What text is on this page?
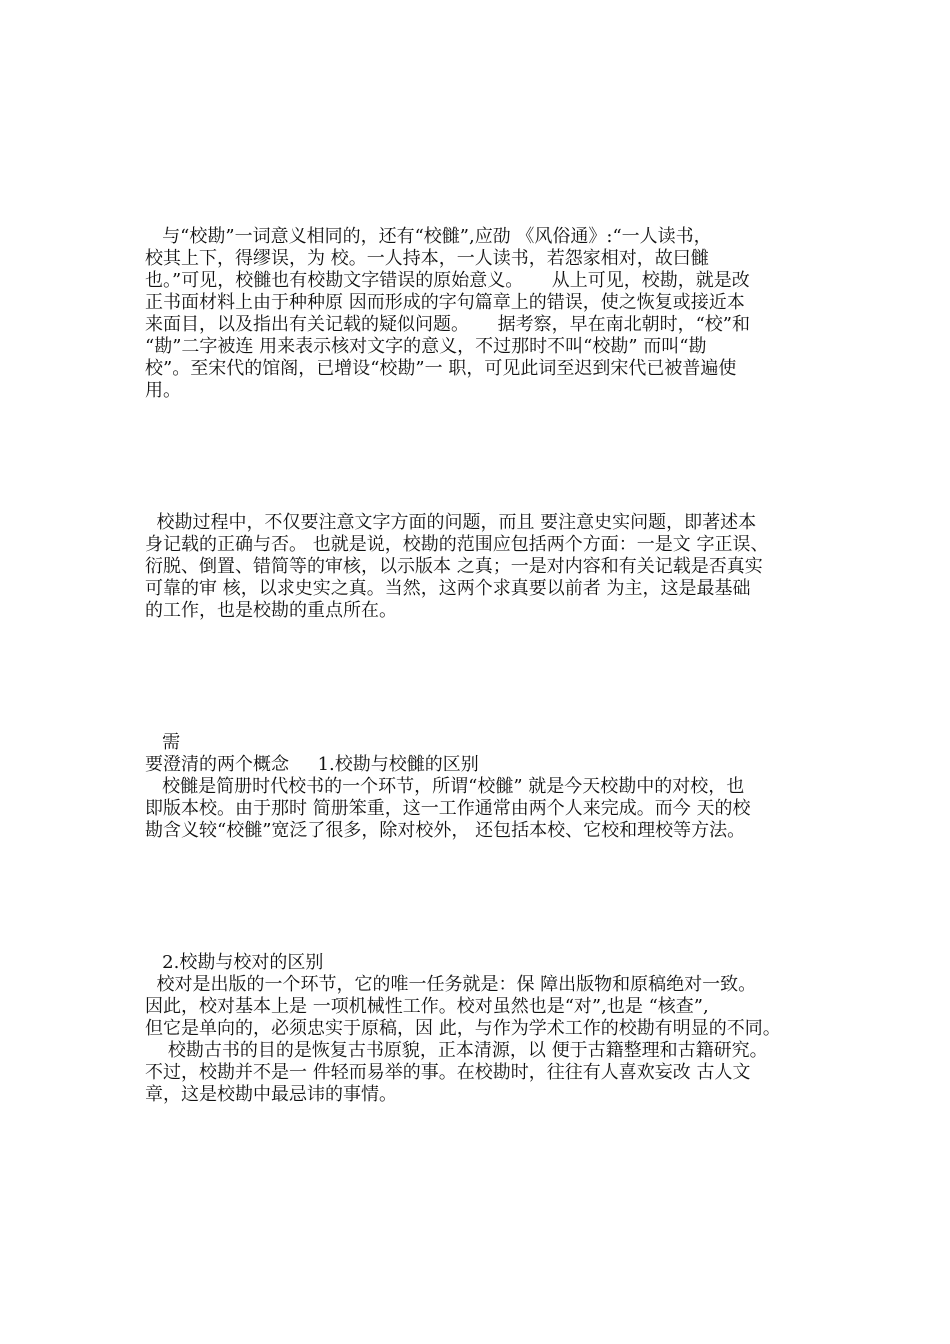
与“校勘”一词意义相同的，还有“校雠”,应劭 《风俗通》:“一人读书，
校其上下，得缪误，为 校。一人持本，一人读书，若怨家相对，故曰雠
也。”可见，校雠也有校勘文字错误的原始意义。     从上可见，校勘，就是改
正书面材料上由于种种原 因而形成的字句篇章上的错误，使之恢复或接近本
来面目，以及指出有关记载的疑似问题。     据考察，早在南北朝时，“校”和
“勘”二字被连 用来表示核对文字的意义，不过那时不叫“校勘” 而叫“勘
校”。至宋代的馆阁，已增设“校勘”一 职，可见此词至迟到宋代已被普遍使
用。
校勘过程中，不仅要注意文字方面的问题，而且 要注意史实问题，即著述本
身记载的正确与否。 也就是说，校勘的范围应包括两个方面：一是文 字正误、
衍脱、倒置、错简等的审核，以示版本 之真；一是对内容和有关记载是否真实
可靠的审 核，以求史实之真。当然，这两个求真要以前者 为主，这是最基础
的工作，也是校勘的重点所在。
需
要澄清的两个概念     1.校勘与校雠的区别
校雠是简册时代校书的一个环节，所谓“校雠” 就是今天校勘中的对校，也
即版本校。由于那时 简册笨重，这一工作通常由两个人来完成。而今 天的校
勘含义较“校雠”宽泛了很多，除对校外， 还包括本校、它校和理校等方法。
2.校勘与校对的区别
校对是出版的一个环节，它的唯一任务就是：保 障出版物和原稿绝对一致。
因此，校对基本上是 一项机械性工作。校对虽然也是“对”,也是 “核查”,
但它是单向的，必须忠实于原稿，因 此，与作为学术工作的校勘有明显的不同。
校勘古书的目的是恢复古书原貌，正本清源，以 便于古籍整理和古籍研究。
不过，校勘并不是一 件轻而易举的事。在校勘时，往往有人喜欢妄改 古人文
章，这是校勘中最忌讳的事情。
